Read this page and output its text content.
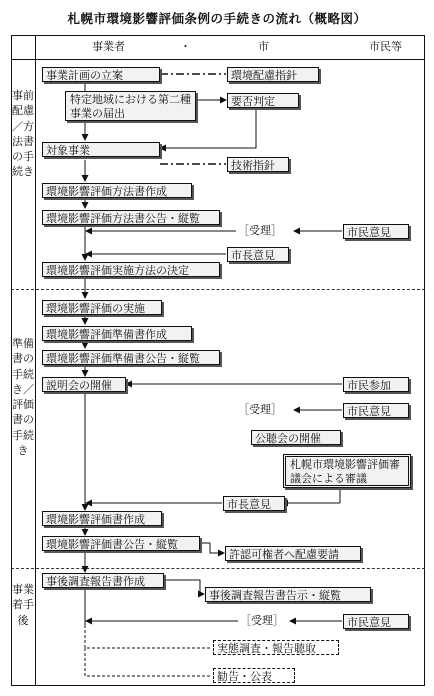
札幌市環境影響評価条例の手続きの流れ（概略図）
事業者	・	市	市民等
事前配慮／方法書の手続き
準備書の手続き／評価書の手続き
事業着手後
事業計画の立案	環境配慮指針
特定地域における第二種事業の届出
要否判定
対象事業
技術指針
環境影響評価方法書作成
環境影響評価方法書公告・縦覧
［受理］	市民意見
市長意見
環境影響評価実施方法の決定
環境影響評価の実施
環境影響評価準備書作成
環境影響評価準備書公告・縦覧
説明会の開催	市民参加
［受理］	市民意見
公聴会の開催
札幌市環境影響評価審議会による審議
市長意見
環境影響評価書作成
環境影響評価書公告・縦覧
許認可権者へ配慮要請
事後調査報告書作成
事後調査報告書告示・縦覧
［受理］	市民意見
実態調査・報告聴取
勧告・公表
